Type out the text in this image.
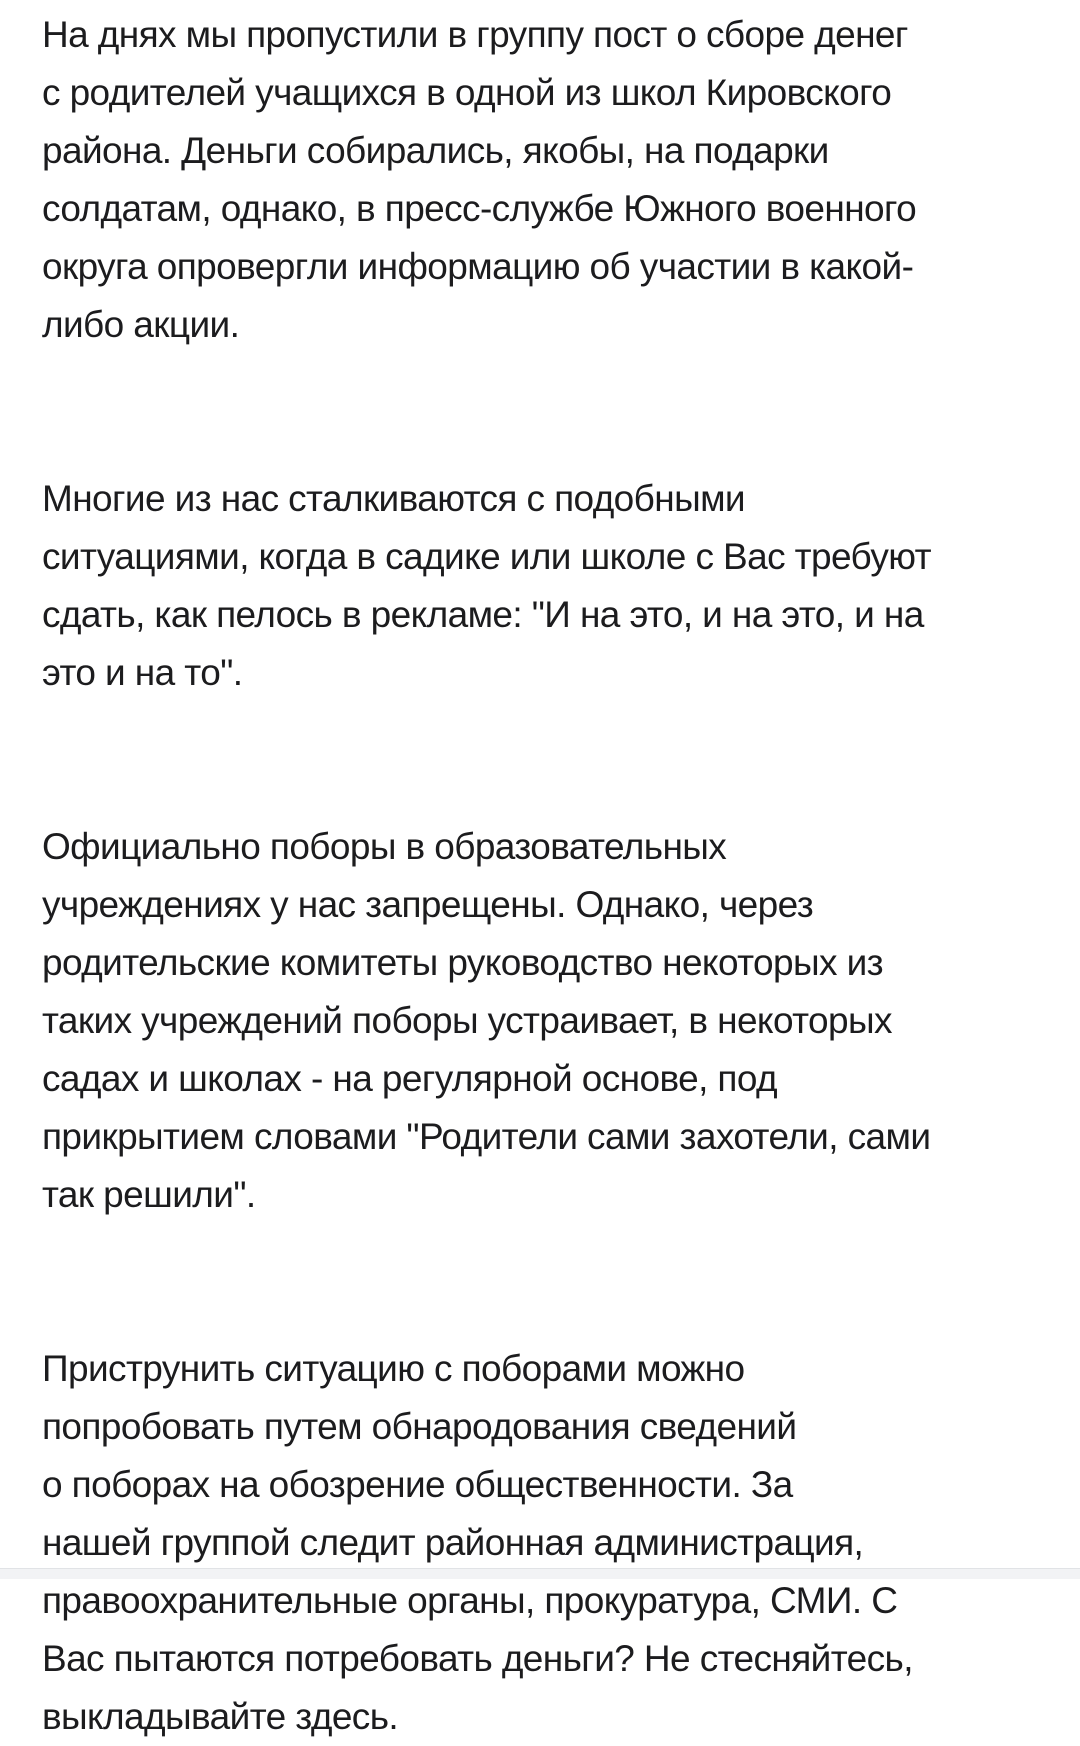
На днях мы пропустили в группу пост о сборе денег
с родителей учащихся в одной из школ Кировского
района. Деньги собирались, якобы, на подарки
солдатам, однако, в пресс-службе Южного военного
округа опровергли информацию об участии в какой-
либо акции.
Многие из нас сталкиваются с подобными
ситуациями, когда в садике или школе с Вас требуют
сдать, как пелось в рекламе: "И на это, и на это, и на
это и на то".
Официально поборы в образовательных
учреждениях у нас запрещены. Однако, через
родительские комитеты руководство некоторых из
таких учреждений поборы устраивает, в некоторых
садах и школах - на регулярной основе, под
прикрытием словами "Родители сами захотели, сами
так решили".
Приструнить ситуацию с поборами можно
попробовать путем обнародования сведений
о поборах на обозрение общественности. За
нашей группой следит районная администрация,
правоохранительные органы, прокуратура, СМИ. С
Вас пытаются потребовать деньги? Не стесняйтесь,
выкладывайте здесь.
